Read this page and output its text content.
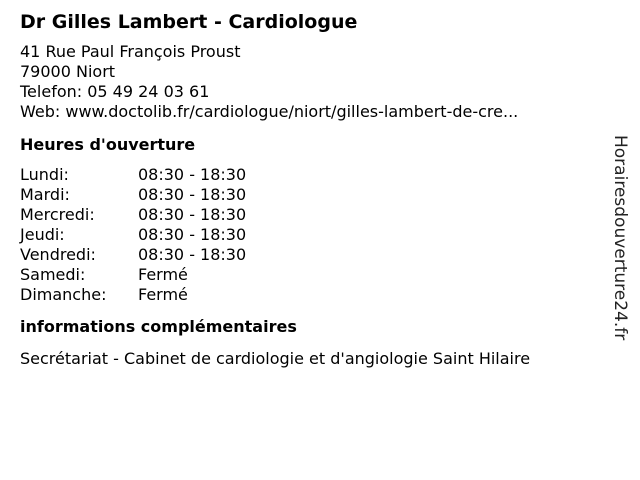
Dr Gilles Lambert - Cardiologue
41 Rue Paul François Proust
79000 Niort
Telefon: 05 49 24 03 61
Web: www.doctolib.fr/cardiologue/niort/gilles-lambert-de-cre...
Heures d'ouverture
Lundi:	08:30 - 18:30
Mardi:	08:30 - 18:30
Mercredi:	08:30 - 18:30
Jeudi:	08:30 - 18:30
Vendredi:	08:30 - 18:30
Samedi:	Fermé
Dimanche: Fermé
informations complémentaires
Secrétariat - Cabinet de cardiologie et d'angiologie Saint Hilaire
Horairesdouverture24.fr
